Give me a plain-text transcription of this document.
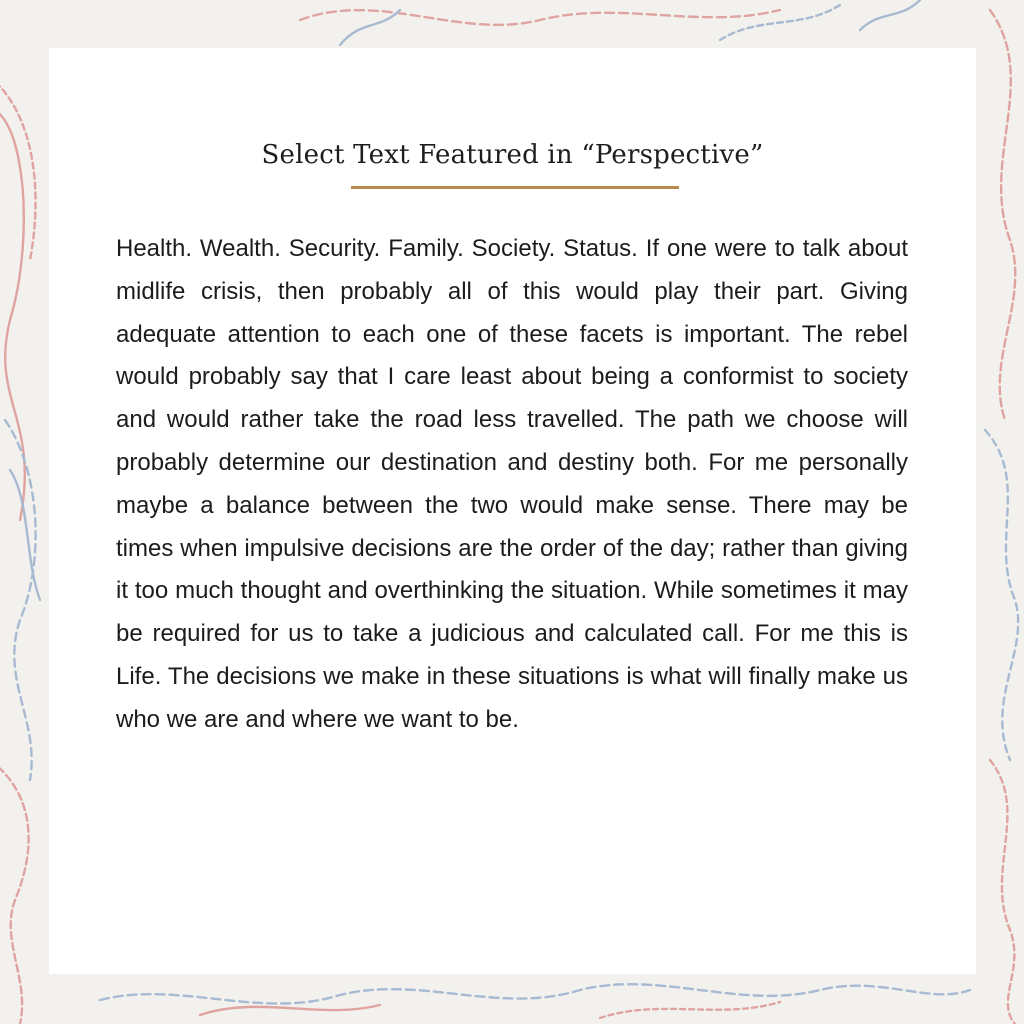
Select Text Featured in “Perspective”

Health. Wealth. Security. Family. Society. Status. If one were to talk about midlife crisis, then probably all of this would play their part. Giving adequate attention to each one of these facets is important. The rebel would probably say that I care least about being a conformist to society and would rather take the road less travelled. The path we choose will probably determine our destination and destiny both. For me personally maybe a balance between the two would make sense. There may be times when impulsive decisions are the order of the day; rather than giving it too much thought and overthinking the situation. While sometimes it may be required for us to take a judicious and calculated call. For me this is Life. The decisions we make in these situations is what will finally make us who we are and where we want to be.
